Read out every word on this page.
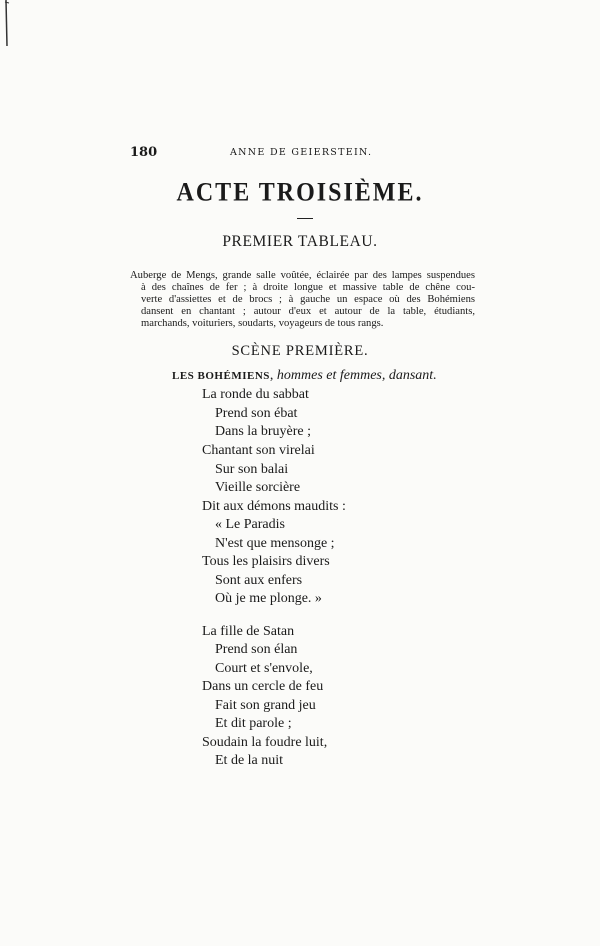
180	ANNE DE GEIERSTEIN.
ACTE TROISIÈME.
PREMIER TABLEAU.
Auberge de Mengs, grande salle voûtée, éclairée par des lampes suspendues
à des chaînes de fer ; à droite longue et massive table de chêne cou-
verte d'assiettes et de brocs ; à gauche un espace où des Bohémiens
dansent en chantant ; autour d'eux et autour de la table, étudiants,
marchands, voituriers, soudarts, voyageurs de tous rangs.
SCÈNE PREMIÈRE.
LES BOHÉMIENS, hommes et femmes, dansant.
La ronde du sabbat
Prend son ébat
Dans la bruyère ;
Chantant son virelai
Sur son balai
Vieille sorcière
Dit aux démons maudits :
« Le Paradis
N'est que mensonge ;
Tous les plaisirs divers
Sont aux enfers
Où je me plonge. »
La fille de Satan
Prend son élan
Court et s'envole,
Dans un cercle de feu
Fait son grand jeu
Et dit parole ;
Soudain la foudre luit,
Et de la nuit
